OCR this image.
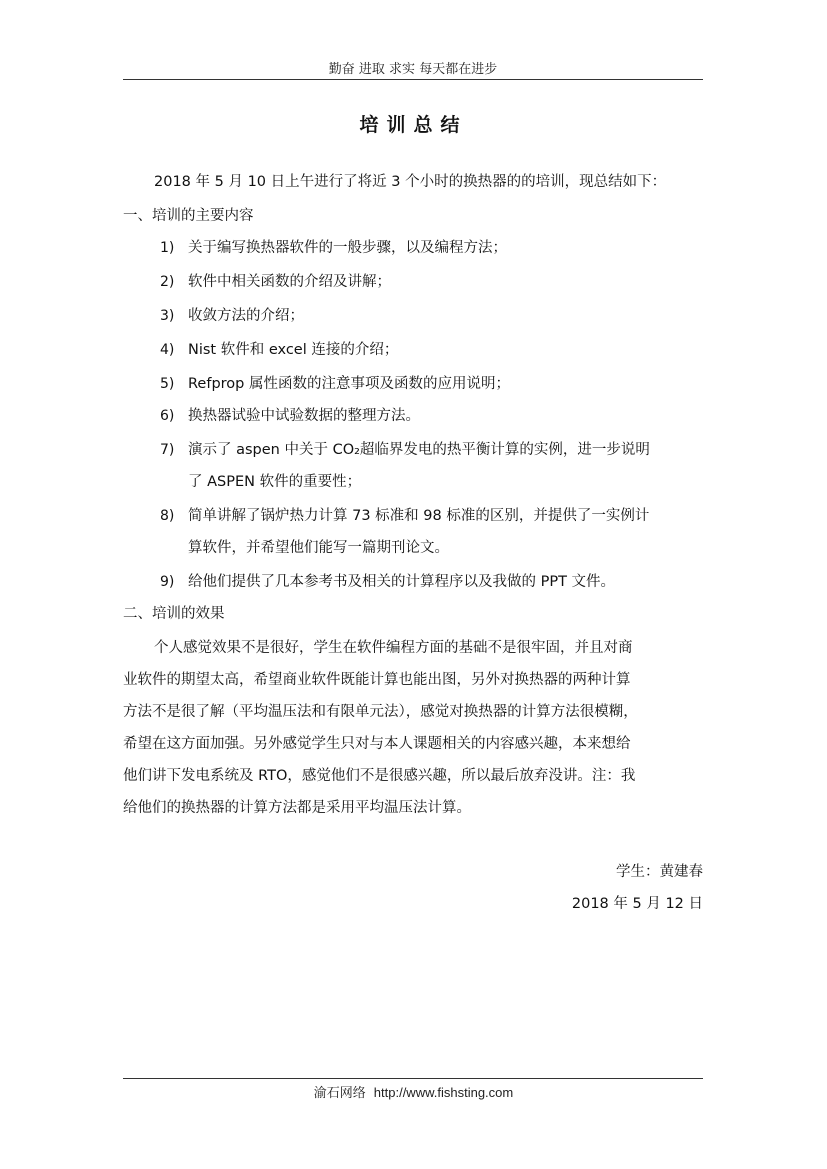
勤奋 进取 求实 每天都在进步
培训总结
2018 年 5 月 10 日上午进行了将近 3 个小时的换热器的的培训，现总结如下：
一、培训的主要内容
1) 关于编写换热器软件的一般步骤，以及编程方法；
2) 软件中相关函数的介绍及讲解；
3) 收敛方法的介绍；
4) Nist 软件和 excel 连接的介绍；
5) Refprop 属性函数的注意事项及函数的应用说明；
6) 换热器试验中试验数据的整理方法。
7) 演示了 aspen 中关于 CO₂超临界发电的热平衡计算的实例，进一步说明
了 ASPEN 软件的重要性；
8) 简单讲解了锅炉热力计算 73 标准和 98 标准的区别，并提供了一实例计
算软件，并希望他们能写一篇期刊论文。
9) 给他们提供了几本参考书及相关的计算程序以及我做的 PPT 文件。
二、培训的效果
个人感觉效果不是很好，学生在软件编程方面的基础不是很牢固，并且对商
业软件的期望太高，希望商业软件既能计算也能出图，另外对换热器的两种计算
方法不是很了解（平均温压法和有限单元法），感觉对换热器的计算方法很模糊，
希望在这方面加强。另外感觉学生只对与本人课题相关的内容感兴趣，本来想给
他们讲下发电系统及 RTO，感觉他们不是很感兴趣，所以最后放弃没讲。注：我
给他们的换热器的计算方法都是采用平均温压法计算。
学生：黄建春
2018 年 5 月 12 日
渝石网络 http://www.fishsting.com
